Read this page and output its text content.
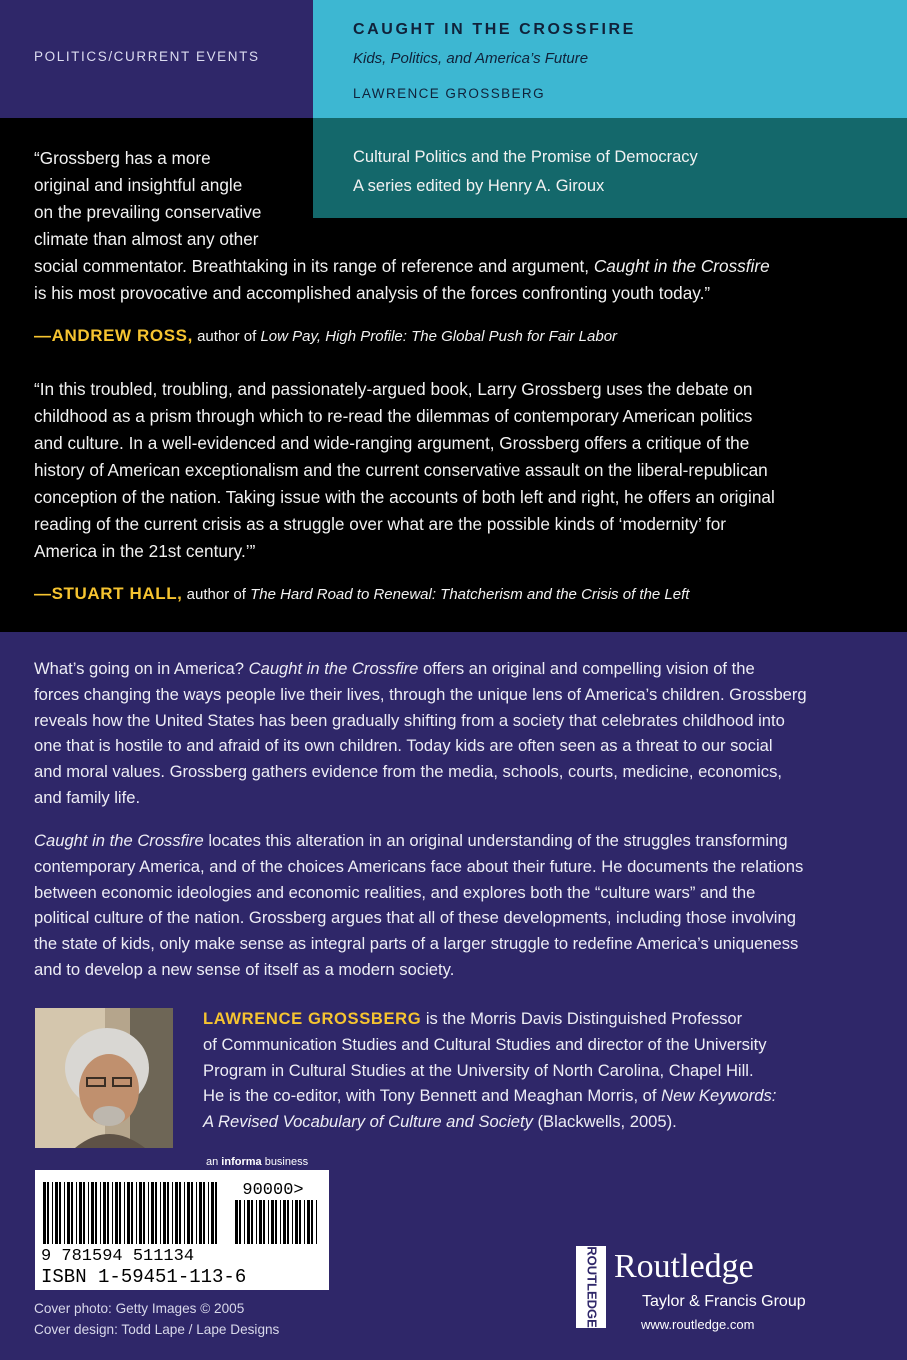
POLITICS/CURRENT EVENTS
CAUGHT IN THE CROSSFIRE
Kids, Politics, and America’s Future
LAWRENCE GROSSBERG
Cultural Politics and the Promise of Democracy
A series edited by Henry A. Giroux
“Grossberg has a more
original and insightful angle
on the prevailing conservative
climate than almost any other
social commentator. Breathtaking in its range of reference and argument, Caught in the Crossfire
is his most provocative and accomplished analysis of the forces confronting youth today.”
—ANDREW ROSS, author of Low Pay, High Profile: The Global Push for Fair Labor
“In this troubled, troubling, and passionately-argued book, Larry Grossberg uses the debate on
childhood as a prism through which to re-read the dilemmas of contemporary American politics
and culture. In a well-evidenced and wide-ranging argument, Grossberg offers a critique of the
history of American exceptionalism and the current conservative assault on the liberal-republican
conception of the nation. Taking issue with the accounts of both left and right, he offers an original
reading of the current crisis as a struggle over what are the possible kinds of ‘modernity’ for
America in the 21st century.’”
—STUART HALL, author of The Hard Road to Renewal: Thatcherism and the Crisis of the Left
What’s going on in America? Caught in the Crossfire offers an original and compelling vision of the
forces changing the ways people live their lives, through the unique lens of America’s children. Grossberg
reveals how the United States has been gradually shifting from a society that celebrates childhood into
one that is hostile to and afraid of its own children. Today kids are often seen as a threat to our social
and moral values. Grossberg gathers evidence from the media, schools, courts, medicine, economics,
and family life.
Caught in the Crossfire locates this alteration in an original understanding of the struggles transforming
contemporary America, and of the choices Americans face about their future. He documents the relations
between economic ideologies and economic realities, and explores both the “culture wars” and the
political culture of the nation. Grossberg argues that all of these developments, including those involving
the state of kids, only make sense as integral parts of a larger struggle to redefine America’s uniqueness
and to develop a new sense of itself as a modern society.
LAWRENCE GROSSBERG is the Morris Davis Distinguished Professor
of Communication Studies and Cultural Studies and director of the University
Program in Cultural Studies at the University of North Carolina, Chapel Hill.
He is the co-editor, with Tony Bennett and Meaghan Morris, of New Keywords:
A Revised Vocabulary of Culture and Society (Blackwells, 2005).
an informa business
90000>
9 781594 511134
ISBN 1-59451-113-6	ROUTLEDGE Routledge
Taylor & Francis Group
www.routledge.com
Cover photo: Getty Images © 2005
Cover design: Todd Lape / Lape Designs
